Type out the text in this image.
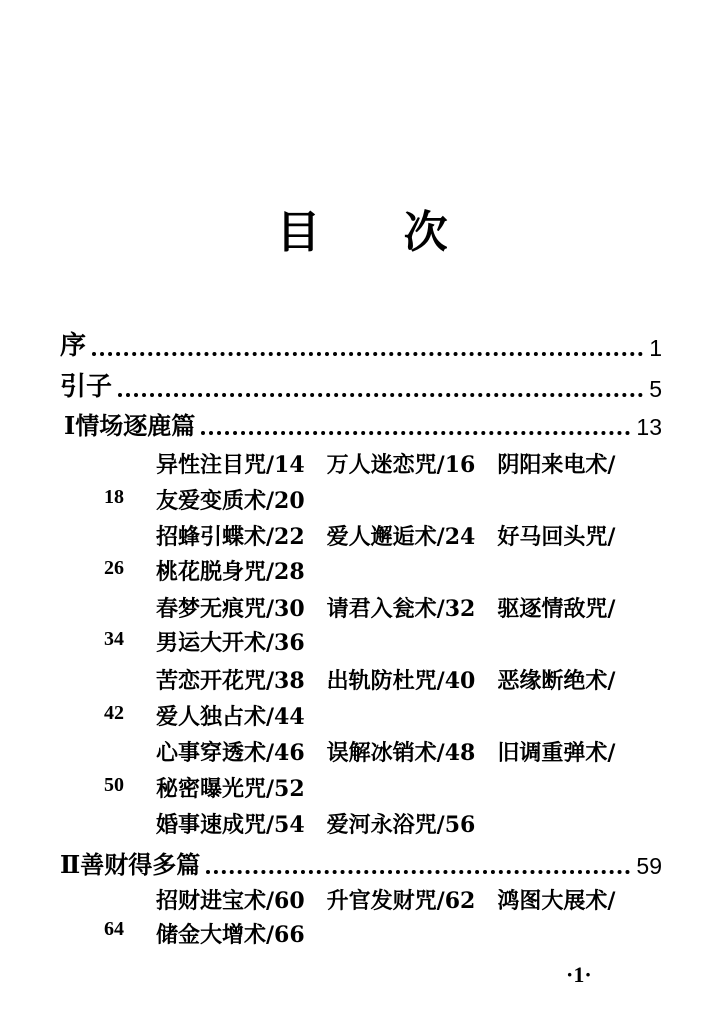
目 次
序	1
引子	5
Ⅰ情场逐鹿篇	13
异性注目咒/14 万人迷恋咒/16 阴阳来电术/
18 友爱变质术/20
招蜂引蝶术/22 爱人邂逅术/24 好马回头咒/
26 桃花脱身咒/28
春梦无痕咒/30 请君入瓮术/32 驱逐情敌咒/
34 男运大开术/36
苦恋开花咒/38 出轨防杜咒/40 恶缘断绝术/
42 爱人独占术/44
心事穿透术/46 误解冰销术/48 旧调重弹术/
50 秘密曝光咒/52
婚事速成咒/54 爱河永浴咒/56
Ⅱ善财得多篇	59
招财进宝术/60 升官发财咒/62 鸿图大展术/
64 储金大增术/66
·1·
